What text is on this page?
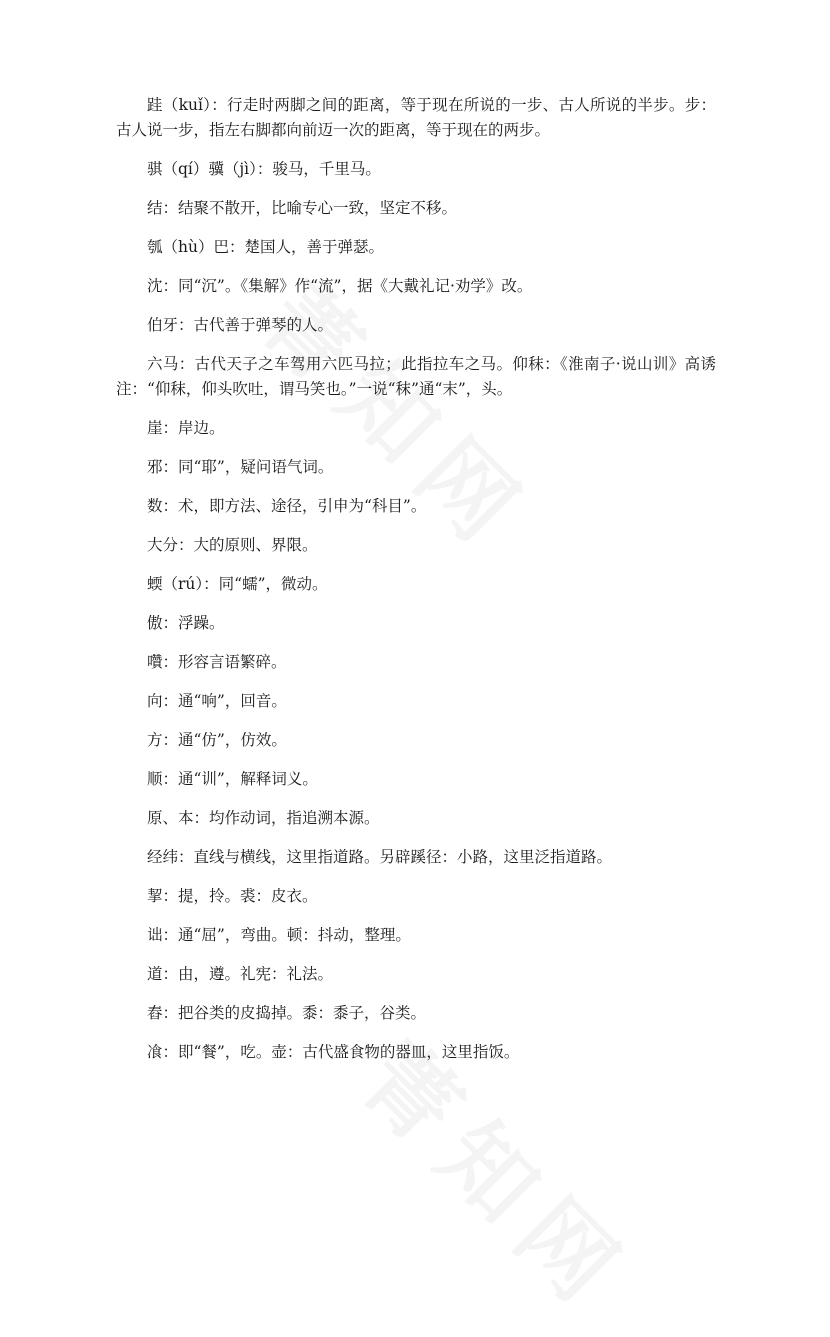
跬（kuǐ）：行走时两脚之间的距离，等于现在所说的一步、古人所说的半步。步：古人说一步，指左右脚都向前迈一次的距离，等于现在的两步。

骐（qí）骥（jì）：骏马，千里马。

结：结聚不散开，比喻专心一致，坚定不移。

瓠（hù）巴：楚国人，善于弹瑟。

沈：同“沉”。《集解》作“流”，据《大戴礼记·劝学》改。

伯牙：古代善于弹琴的人。

六马：古代天子之车驾用六匹马拉；此指拉车之马。仰秣：《淮南子·说山训》高诱注：“仰秣，仰头吹吐，谓马笑也。”一说“秣”通“末”，头。

崖：岸边。

邪：同“耶”，疑问语气词。

数：术，即方法、途径，引申为“科目”。

大分：大的原则、界限。

蝡（rú）：同“蠕”，微动。

傲：浮躁。

囋：形容言语繁碎。

向：通“响”，回音。

方：通“仿”，仿效。

顺：通“训”，解释词义。

原、本：均作动词，指追溯本源。

经纬：直线与横线，这里指道路。另辟蹊径：小路，这里泛指道路。

挈：提，拎。裘：皮衣。

诎：通“屈”，弯曲。顿：抖动，整理。

道：由，遵。礼宪：礼法。

舂：把谷类的皮捣掉。黍：黍子，谷类。

飡：即“餐”，吃。壶：古代盛食物的器皿，这里指饭。
